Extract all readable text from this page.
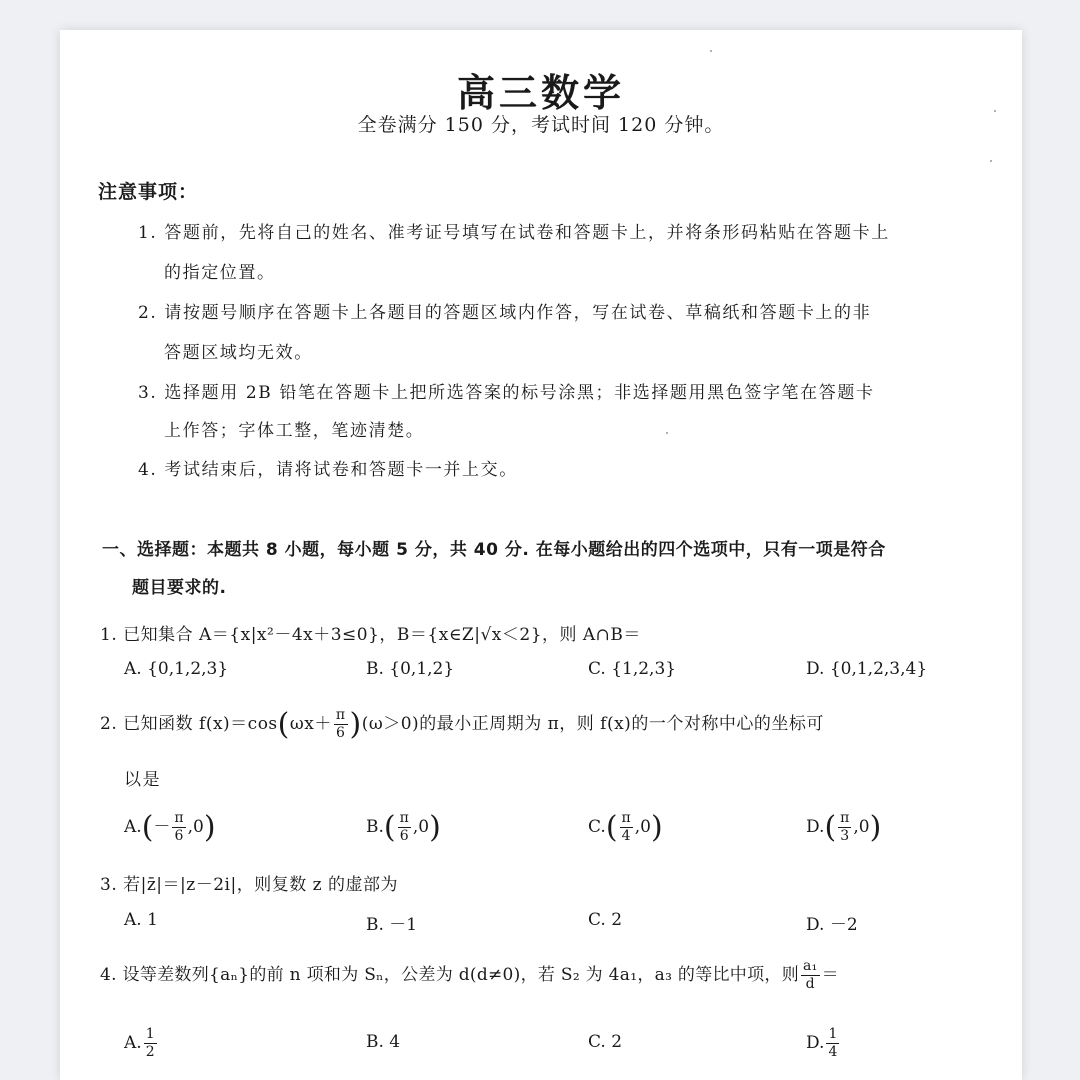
高三数学
全卷满分 150 分，考试时间 120 分钟。
注意事项：
1. 答题前，先将自己的姓名、准考证号填写在试卷和答题卡上，并将条形码粘贴在答题卡上
的指定位置。
2. 请按题号顺序在答题卡上各题目的答题区域内作答，写在试卷、草稿纸和答题卡上的非
答题区域均无效。
3. 选择题用 2B 铅笔在答题卡上把所选答案的标号涂黑；非选择题用黑色签字笔在答题卡
上作答；字体工整，笔迹清楚。
4. 考试结束后，请将试卷和答题卡一并上交。
一、选择题：本题共 8 小题，每小题 5 分，共 40 分. 在每小题给出的四个选项中，只有一项是符合
题目要求的.
1. 已知集合 A＝{x|x²－4x＋3≤0}，B＝{x∈Z|√x＜2}，则 A∩B＝
A. {0,1,2,3}	B. {0,1,2}	C. {1,2,3}	D. {0,1,2,3,4}
2. 已知函数 $f(x)=\cos(\omega x+ \frac{\pi}{6} )(\omega>0)$的最小正周期为 π，则 f(x)的一个对称中心的坐标可
以是
$A.(- \frac{\pi}{6} ,0)$	$B.( \frac{\pi}{6} ,0)$	$C.( \frac{\pi}{4} ,0)$	$D.( \frac{\pi}{3} ,0)$
3. 若|z̄|＝|z－2i|，则复数 z 的虚部为
A. 1	B. －1	C. 2	D. －2
4. 设等差数列{aₙ}的前 n 项和为 Sₙ，公差为 d(d≠0)，若 S₂ 为 4a₁，a₃ 的等比中项，则 $\frac{\text{a₁}}{d}$ ＝
A. $\frac{1}{2}$	B. 4	C. 2	D. $\frac{1}{4}$
